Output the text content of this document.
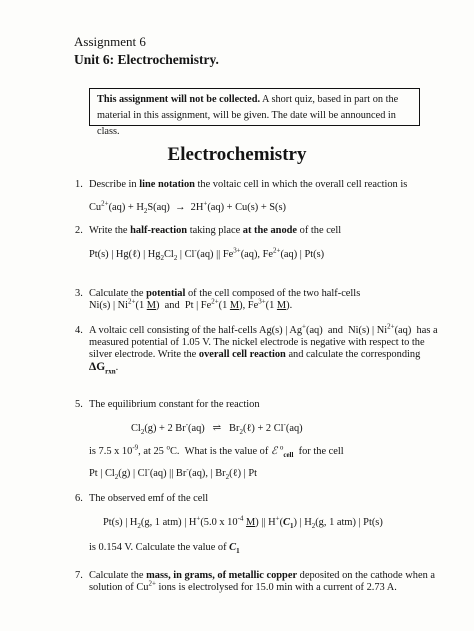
Assignment 6
Unit 6: Electrochemistry.
This assignment will not be collected. A short quiz, based in part on the
material in this assignment, will be given. The date will be announced in class.
Electrochemistry
1. Describe in line notation the voltaic cell in which the overall cell reaction is
$Cu^{2+}(aq) + H_2S(aq) \to 2H^+(aq) + Cu(s) + S(s)$
2. Write the half-reaction taking place at the anode of the cell
Pt(s) | Hg(ℓ) | $Hg_2Cl_2$ | Cl-(aq) || $Fe^{3+}(aq)$, $Fe^{2+}(aq)$ | Pt(s)
3. Calculate the potential of the cell composed of the two half-cells
Ni(s) | $Ni^{2+}(1$ M)  and  Pt | $Fe^{2+}(1$ M), $Fe^{3+}(1$ M).
4. A voltaic cell consisting of the half-cells Ag(s) | Ag+(aq)  and  Ni(s) | $Ni^{2+}(aq)$  has a
measured potential of 1.05 V. The nickel electrode is negative with respect to the
silver electrode. Write the overall cell reaction and calculate the corresponding
$\Delta G_{rxn}$.
5. The equilibrium constant for the reaction
$Cl_2(g) + 2$ Br-(aq)   ⇌   $Br_2(\ell) + 2$ Cl-(aq)
is 7.5 x $10^{-9}$, at 25 $^o$C.  What is the value of ℰ $^o_{cell}$  for the cell
Pt | $Cl_2(g)$ | Cl-(aq) || Br-(aq), | $Br_2(\ell)$ | Pt
6. The observed emf of the cell
Pt(s) | $H_2(g$, 1 atm) | H+(5.0 x $10^{-4}$ M) || $H^+(C_1)$ | $H_2(g$, 1 atm) | Pt(s)
is 0.154 V. Calculate the value of $C_1$
7. Calculate the mass, in grams, of metallic copper deposited on the cathode when a
solution of $Cu^{2+}$ ions is electrolysed for 15.0 min with a current of 2.73 A.
